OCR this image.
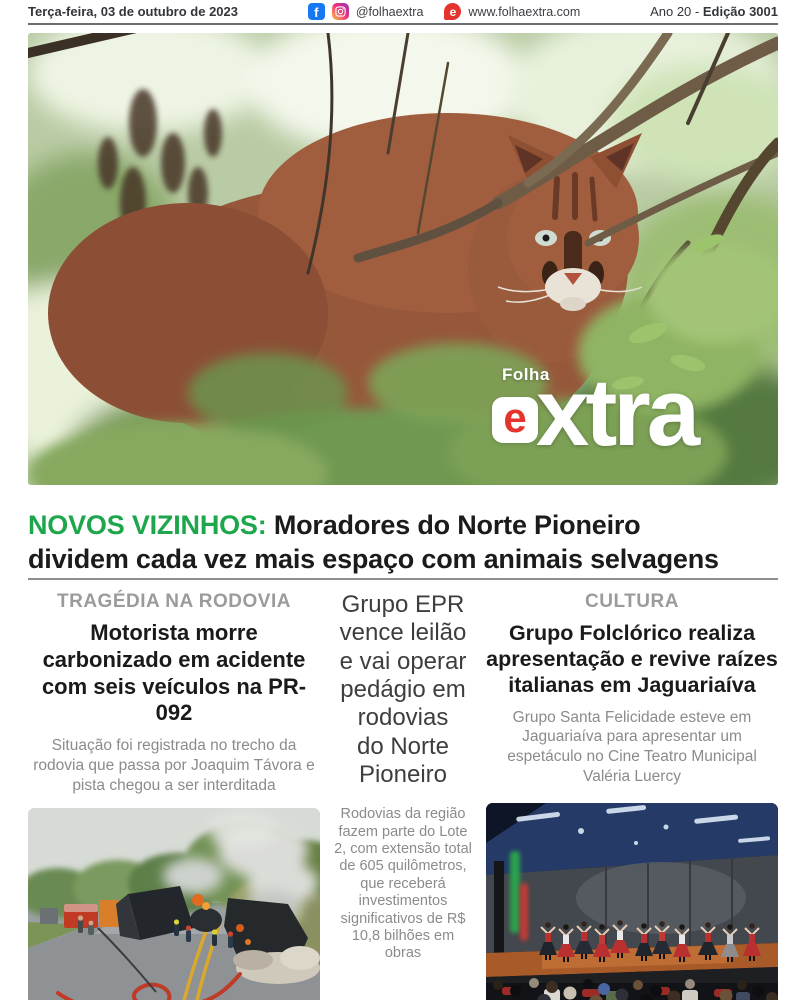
Terça-feira, 03 de outubro de 2023	f	@folhaextra e www.folhaextra.com	Ano 20 - Edição 3001
Folha
e xtra
NOVOS VIZINHOS: Moradores do Norte Pioneiro
dividem cada vez mais espaço com animais selvagens
TRAGÉDIA NA RODOVIA
Motorista morre
carbonizado em acidente
com seis veículos na PR-092
Situação foi registrada no trecho da rodovia que passa por Joaquim Távora e pista chegou a ser interditada
Grupo EPR
vence leilão
e vai operar
pedágio em
rodovias
do Norte
Pioneiro
Rodovias da região fazem parte do Lote 2, com extensão total de 605 quilômetros, que receberá investimentos significativos de R$ 10,8 bilhões em obras
CULTURA
Grupo Folclórico realiza
apresentação e revive raízes
italianas em Jaguariaíva
Grupo Santa Felicidade esteve em Jaguariaíva para apresentar um espetáculo no Cine Teatro Municipal Valéria Luercy
